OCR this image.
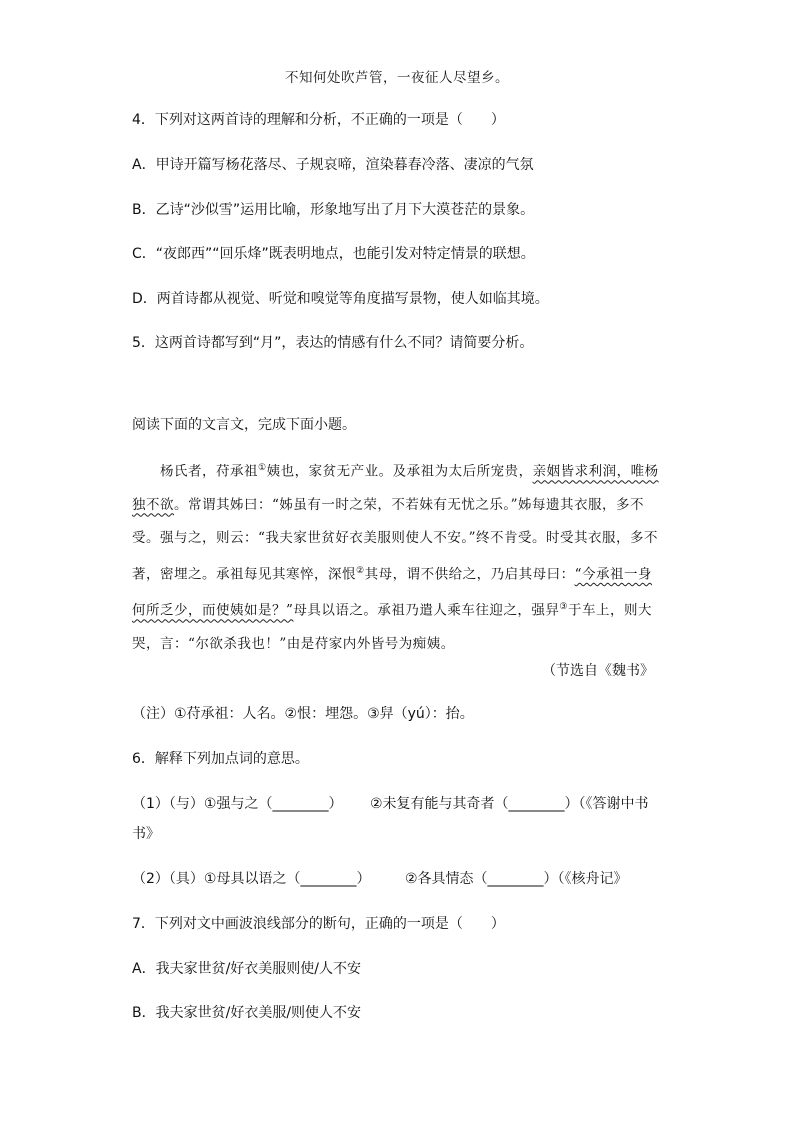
不知何处吹芦管，一夜征人尽望乡。
4．下列对这两首诗的理解和分析，不正确的一项是（　　）
A．甲诗开篇写杨花落尽、子规哀啼，渲染暮春冷落、凄凉的气氛
B．乙诗“沙似雪”运用比喻，形象地写出了月下大漠苍茫的景象。
C．“夜郎西”“回乐烽”既表明地点，也能引发对特定情景的联想。
D．两首诗都从视觉、听觉和嗅觉等角度描写景物，使人如临其境。
5．这两首诗都写到“月”，表达的情感有什么不同？请简要分析。
阅读下面的文言文，完成下面小题。

杨氏者，苻承祖①姨也，家贫无产业。及承祖为太后所宠贵，亲姻皆求利润，唯杨独不欲。常谓其姊曰：“姊虽有一时之荣，不若妹有无忧之乐。”姊每遗其衣服，多不受。强与之，则云：“我夫家世贫好衣美服则使人不安。”终不肯受。时受其衣服，多不著，密埋之。承祖每见其寒悴，深恨②其母，谓不供给之，乃启其母曰：“今承祖一身何所乏少，而使姨如是？”母具以语之。承祖乃遣人乘车往迎之，强舁③于车上，则大哭，言：“尔欲杀我也！”由是苻家内外皆号为痴姨。

（节选自《魏书》
（注）①苻承祖：人名。②恨：埋怨。③舁（yú）：抬。
6．解释下列加点词的意思。
（1）（与）①强与之（________） ②未复有能与其奇者（________）（《答谢中书
书》
（2）（具）①母具以语之（________） ②各具情态（________）（《核舟记》
7．下列对文中画波浪线部分的断句，正确的一项是（　　）
A．我夫家世贫/好衣美服则使/人不安
B．我夫家世贫/好衣美服/则使人不安
